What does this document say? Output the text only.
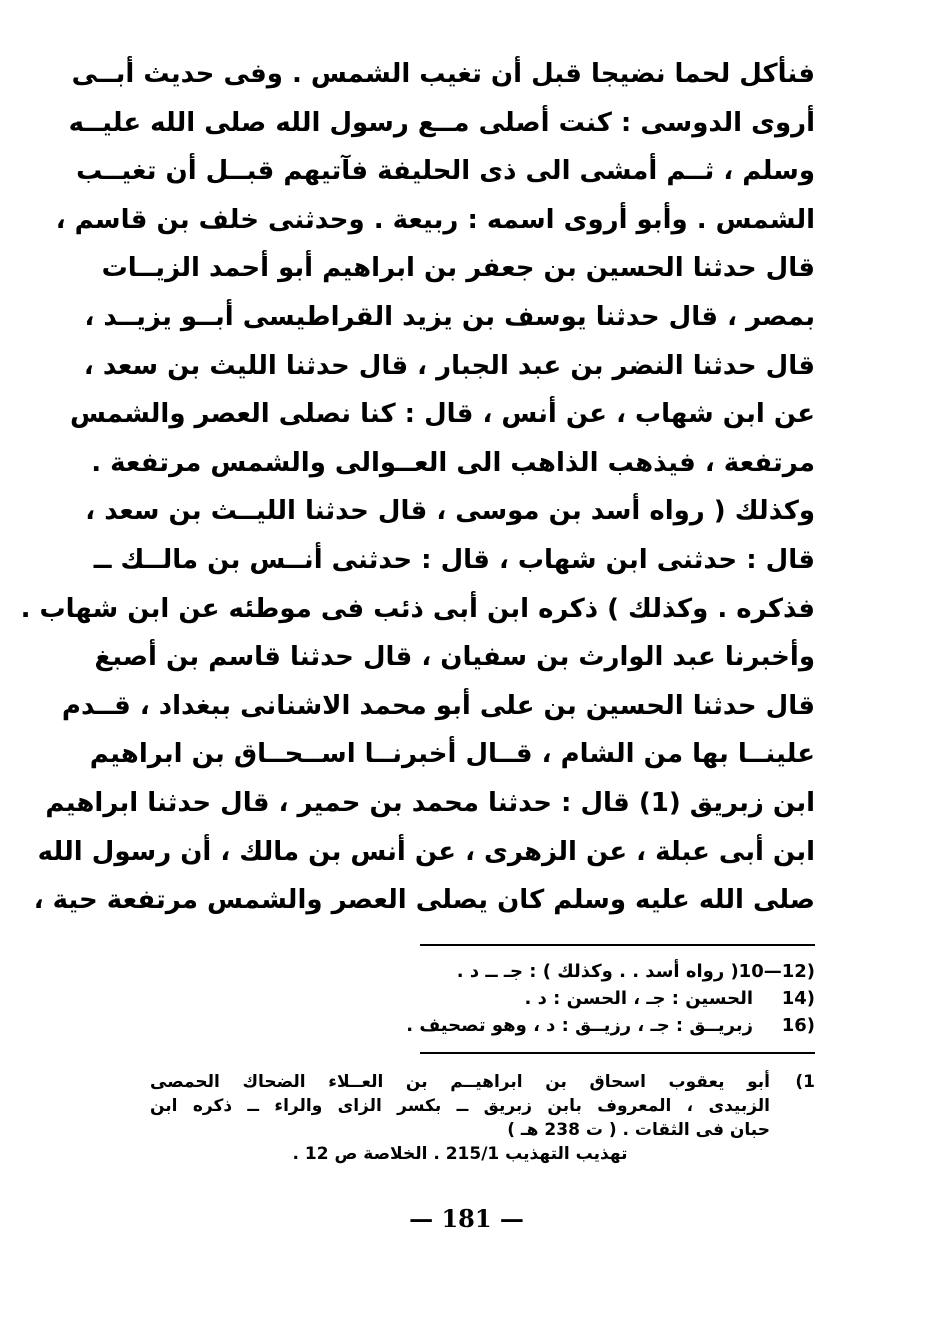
فنأكل لحما نضيجا قبل أن تغيب الشمس . وفى حديث أبــى
أروى الدوسى : كنت أصلى مــع رسول الله صلى الله عليــه
وسلم ، ثــم أمشى الى ذى الحليفة فآتيهم قبــل أن تغيــب
الشمس . وأبو أروى اسمه : ربيعة . وحدثنى خلف بن قاسم ،
قال حدثنا الحسين بن جعفر بن ابراهيم أبو أحمد الزيــات
بمصر ، قال حدثنا يوسف بن يزيد القراطيسى أبــو يزيــد ،
قال حدثنا النضر بن عبد الجبار ، قال حدثنا الليث بن سعد ،
عن ابن شهاب ، عن أنس ، قال : كنا نصلى العصر والشمس
مرتفعة ، فيذهب الذاهب الى العــوالى والشمس مرتفعة .
وكذلك ( رواه أسد بن موسى ، قال حدثنا الليــث بن سعد ،
قال : حدثنى ابن شهاب ، قال : حدثنى أنــس بن مالــك ــ
فذكره . وكذلك ) ذكره ابن أبى ذئب فى موطئه عن ابن شهاب .
وأخبرنا عبد الوارث بن سفيان ، قال حدثنا قاسم بن أصبغ
قال حدثنا الحسين بن على أبو محمد الاشنانى ببغداد ، قــدم
علينــا بها من الشام ، قــال أخبرنــا اســحــاق بن ابراهيم
ابن زبريق (1) قال : حدثنا محمد بن حمير ، قال حدثنا ابراهيم
ابن أبى عبلة ، عن الزهرى ، عن أنس بن مالك ، أن رسول الله
صلى الله عليه وسلم كان يصلى العصر والشمس مرتفعة حية ،
10—12)
( رواه أسد . . وكذلك ) : جـ ــ د .
14)
الحسين : جـ ، الحسن : د .
16)
زبريــق : جـ ، رزيــق : د ، وهو تصحيف .
(1
أبو يعقوب اسحاق بن ابراهيــم بن العــلاء الضحاك الحمصى
الزبيدى ، المعروف بابن زبريق ــ بكسر الزاى والراء ــ ذكره ابن
حبان فى الثقات . ( ت 238 هـ )
تهذيب التهذيب 215/1 . الخلاصة ص 12 .
— 181 —
